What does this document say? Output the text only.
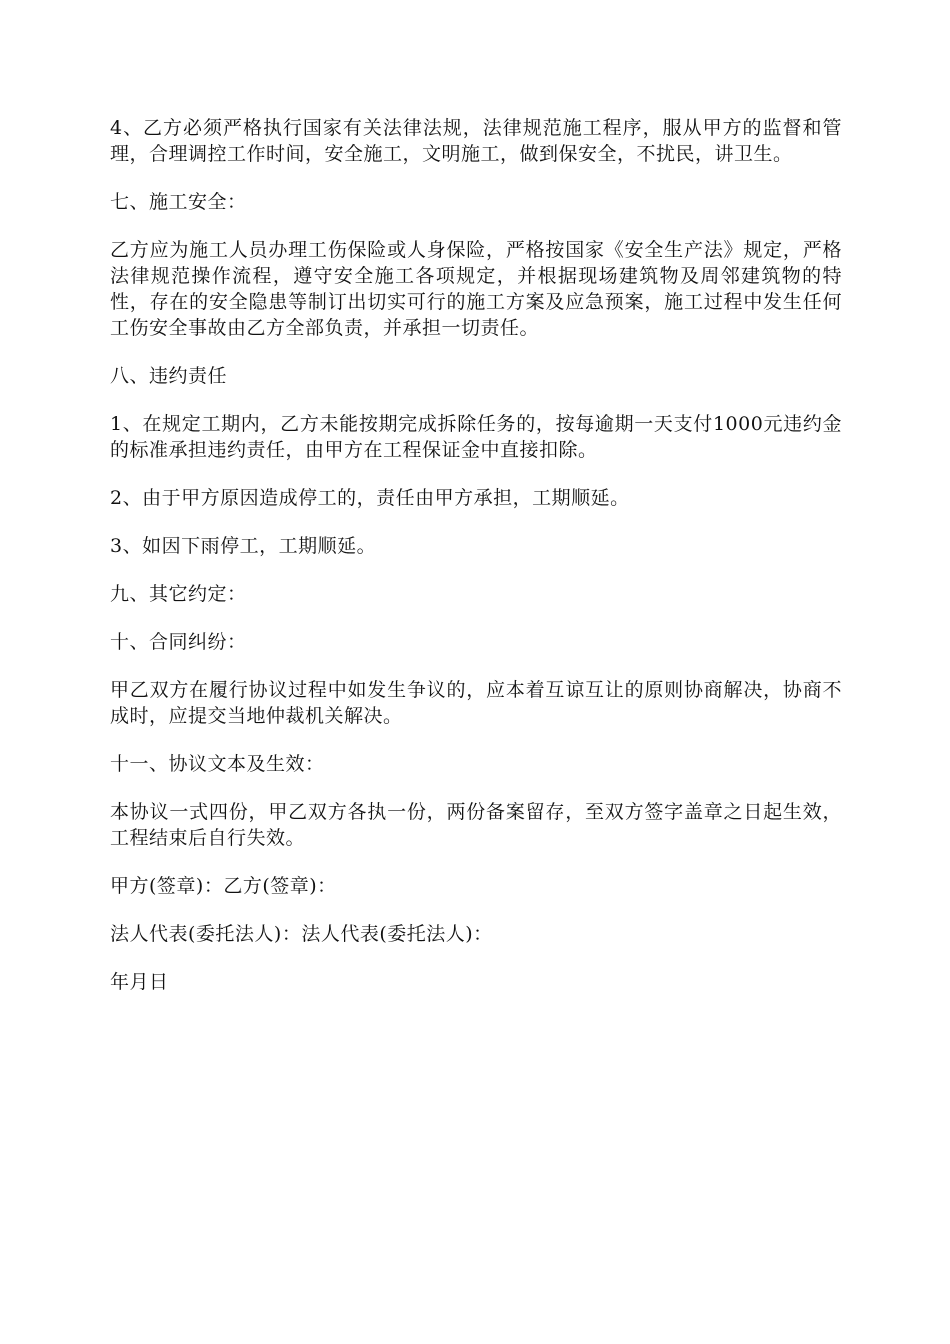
4、乙方必须严格执行国家有关法律法规，法律规范施工程序，服从甲方的监督和管理，合理调控工作时间，安全施工，文明施工，做到保安全，不扰民，讲卫生。

七、施工安全：

乙方应为施工人员办理工伤保险或人身保险，严格按国家《安全生产法》规定，严格法律规范操作流程，遵守安全施工各项规定，并根据现场建筑物及周邻建筑物的特性，存在的安全隐患等制订出切实可行的施工方案及应急预案，施工过程中发生任何工伤安全事故由乙方全部负责，并承担一切责任。

八、违约责任

1、在规定工期内，乙方未能按期完成拆除任务的，按每逾期一天支付1000元违约金的标准承担违约责任，由甲方在工程保证金中直接扣除。

2、由于甲方原因造成停工的，责任由甲方承担，工期顺延。

3、如因下雨停工，工期顺延。

九、其它约定：

十、合同纠纷：

甲乙双方在履行协议过程中如发生争议的，应本着互谅互让的原则协商解决，协商不成时，应提交当地仲裁机关解决。

十一、协议文本及生效：

本协议一式四份，甲乙双方各执一份，两份备案留存，至双方签字盖章之日起生效，工程结束后自行失效。

甲方(签章)：乙方(签章)：

法人代表(委托法人)：法人代表(委托法人)：

年月日
